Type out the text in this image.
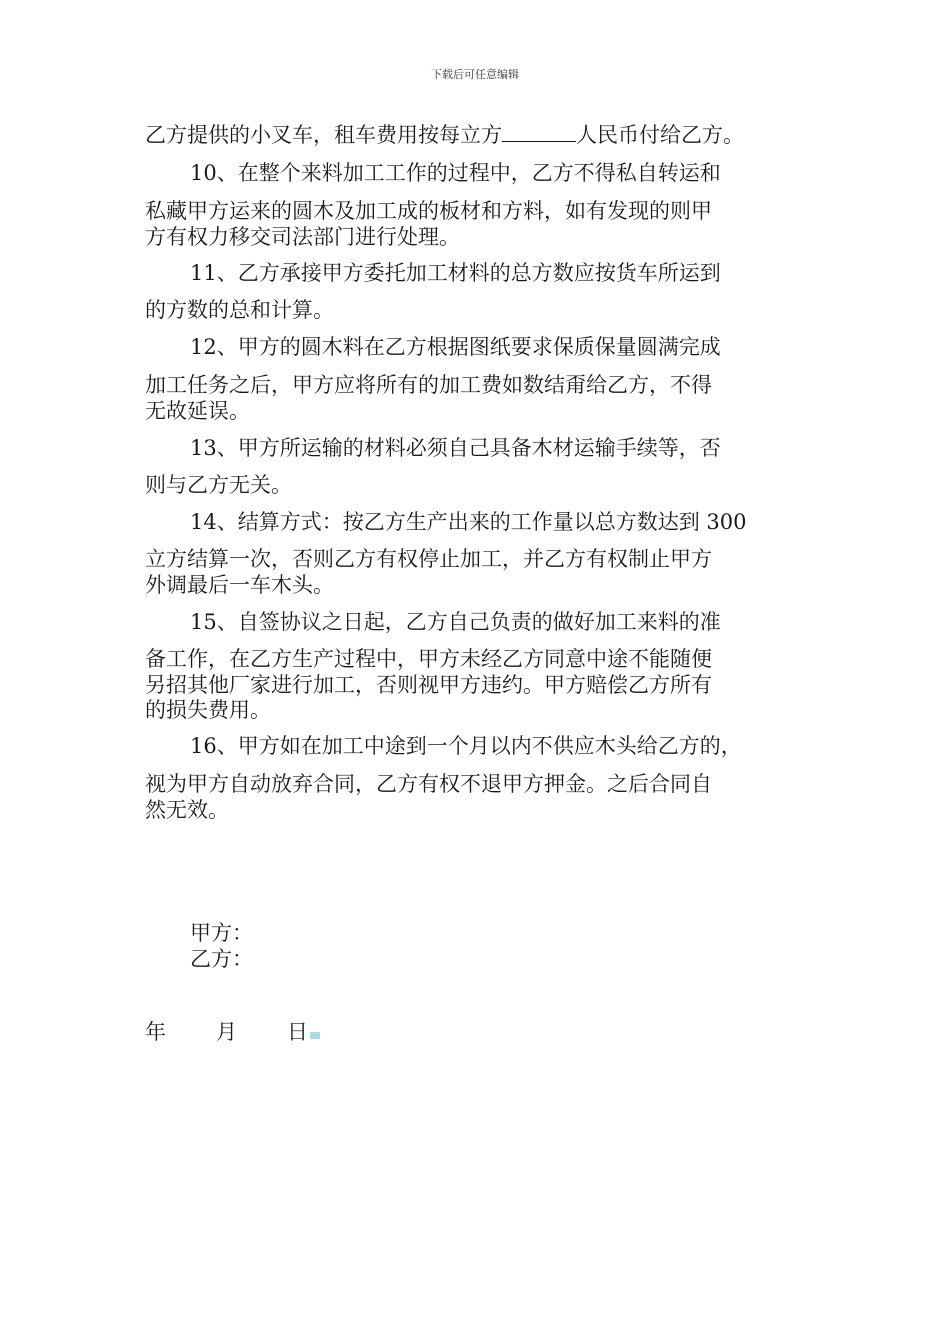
下载后可任意编辑
乙方提供的小叉车，租车费用按每立方	人民币付给乙方。
10、在整个来料加工工作的过程中，乙方不得私自转运和
私藏甲方运来的圆木及加工成的板材和方料，如有发现的则甲
方有权力移交司法部门进行处理。
11、乙方承接甲方委托加工材料的总方数应按货车所运到
的方数的总和计算。
12、甲方的圆木料在乙方根据图纸要求保质保量圆满完成
加工任务之后，甲方应将所有的加工费如数结甭给乙方，不得
无故延误。
13、甲方所运输的材料必须自己具备木材运输手续等，否
则与乙方无关。
14、结算方式：按乙方生产出来的工作量以总方数达到 300
立方结算一次，否则乙方有权停止加工，并乙方有权制止甲方
外调最后一车木头。
15、自签协议之日起，乙方自己负责的做好加工来料的准
备工作，在乙方生产过程中，甲方未经乙方同意中途不能随便
另招其他厂家进行加工，否则视甲方违约。甲方赔偿乙方所有
的损失费用。
16、甲方如在加工中途到一个月以内不供应木头给乙方的，
视为甲方自动放弃合同，乙方有权不退甲方押金。之后合同自
然无效。
甲方：
乙方：
年 月 日
